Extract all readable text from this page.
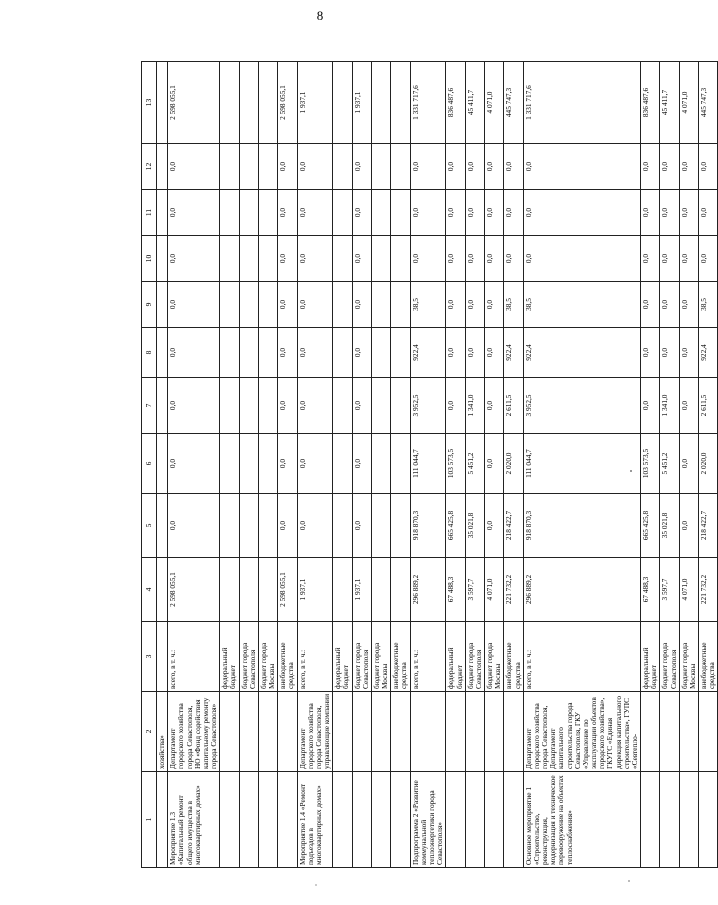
8
1	2	3	4	5	6	7	8	9	10	11	12	13
	хозяйства»											
Мероприятие 1.3 «Капитальный ремонт общего имущества в многоквартирных домах»	Департамент городского хозяйства города Севастополя, НО «Фонд содействия капитальному ремонту города Севастополя»	всего, в т. ч.:	2 598 055,1	0,0	0,0	0,0	0,0	0,0	0,0	0,0	0,0	2 598 055,1
		федеральный бюджет										
		бюджет города Севастополя										
		бюджет города Москвы										
		внебюджетные средства	2 598 055,1	0,0	0,0	0,0	0,0	0,0	0,0	0,0	0,0	2 598 055,1
Мероприятие 1.4 «Ремонт подъездов в многоквартирных домах»	Департамент городского хозяйства города Севастополя, управляющие компании	всего, в т. ч.:	1 937,1	0,0	0,0	0,0	0,0	0,0	0,0	0,0	0,0	1 937,1
		федеральный бюджет										
		бюджет города Севастополя	1 937,1	0,0	0,0	0,0	0,0	0,0	0,0	0,0	0,0	1 937,1
		бюджет города Москвы										
		внебюджетные средства										
Подпрограмма 2 «Развитие коммунальной теплоэнергетики города Севастополя»		всего, в т. ч.:	296 889,2	918 870,3	111 044,7	3 952,5	922,4	38,5	0,0	0,0	0,0	1 331 717,6
		федеральный бюджет	67 488,3	665 425,8	103 573,5	0,0	0,0	0,0	0,0	0,0	0,0	836 487,6
		бюджет города Севастополя	3 597,7	35 021,8	5 451,2	1 341,0	0,0	0,0	0,0	0,0	0,0	45 411,7
		бюджет города Москвы	4 071,0	0,0	0,0	0,0	0,0	0,0	0,0	0,0	0,0	4 071,0
		внебюджетные средства	221 732,2	218 422,7	2 020,0	2 611,5	922,4	38,5	0,0	0,0	0,0	445 747,3
Основное мероприятие 1 «Строительство, реконструкция, модернизация и техническое перевооружение на объектах теплоснабжения»	Департамент городского хозяйства города Севастополя, Департамент капитального строительства города Севастополя, ГКУ «Управление по эксплуатации объектов городского хозяйства», ГКУГС «Единая дирекция капитального строительства», ГУПС «Севтепло-	всего, в т. ч.:	296 889,2	918 870,3	111 044,7	3 952,5	922,4	38,5	0,0	0,0	0,0	1 331 717,6
		федеральный бюджет	67 488,3	665 425,8	103 573,5	0,0	0,0	0,0	0,0	0,0	0,0	836 487,6
		бюджет города Севастополя	3 597,7	35 021,8	5 451,2	1 341,0	0,0	0,0	0,0	0,0	0,0	45 411,7
		бюджет города Москвы	4 071,0	0,0	0,0	0,0	0,0	0,0	0,0	0,0	0,0	4 071,0
		внебюджетные средства	221 732,2	218 422,7	2 020,0	2 611,5	922,4	38,5	0,0	0,0	0,0	445 747,3
